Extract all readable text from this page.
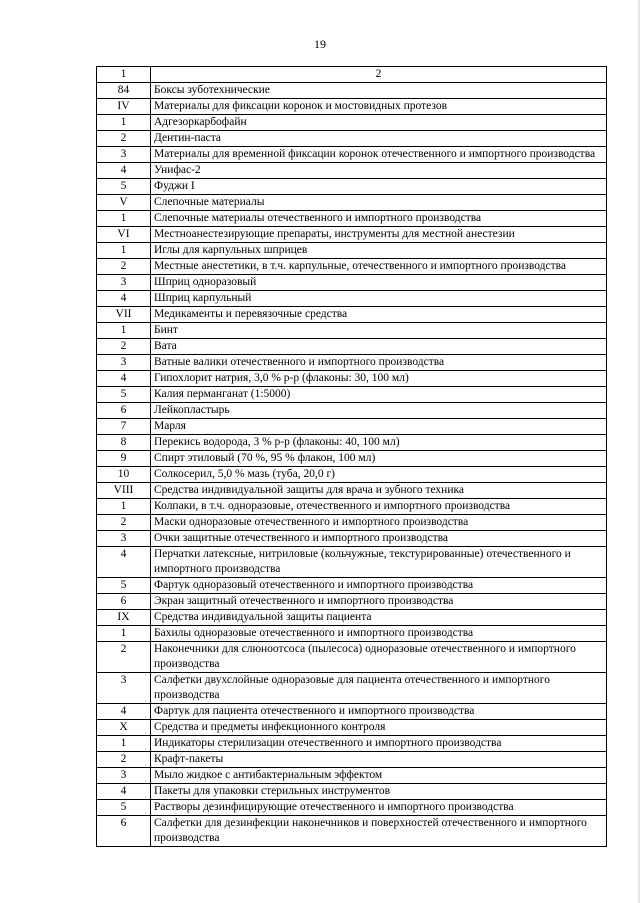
19
1	2
84	Боксы зуботехнические
IV	Материалы для фиксации коронок и мостовидных протезов
1	Адгезоркарбофайн
2	Дентин-паста
3	Материалы для временной фиксации коронок отечественного и импортного производства
4	Унифас-2
5	Фуджи I
V	Слепочные материалы
1	Слепочные материалы отечественного и импортного производства
VI	Местноанестезирующие препараты, инструменты для местной анестезии
1	Иглы для карпульных шприцев
2	Местные анестетики, в т.ч. карпульные, отечественного и импортного производства
3	Шприц одноразовый
4	Шприц карпульный
VII	Медикаменты и перевязочные средства
1	Бинт
2	Вата
3	Ватные валики отечественного и импортного производства
4	Гипохлорит натрия, 3,0 % р-р (флаконы: 30, 100 мл)
5	Калия перманганат (1:5000)
6	Лейкопластырь
7	Марля
8	Перекись водорода, 3 % р-р (флаконы: 40, 100 мл)
9	Спирт этиловый (70 %, 95 % флакон, 100 мл)
10	Солкосерил, 5,0 % мазь (туба, 20,0 г)
VIII	Средства индивидуальной защиты для врача и зубного техника
1	Колпаки, в т.ч. одноразовые, отечественного и импортного производства
2	Маски одноразовые отечественного и импортного производства
3	Очки защитные отечественного и импортного производства
4	Перчатки латексные, нитриловые (кольчужные, текстурированные) отечественного и импортного производства
5	Фартук одноразовый отечественного и импортного производства
6	Экран защитный отечественного и импортного производства
IX	Средства индивидуальной защиты пациента
1	Бахилы одноразовые отечественного и импортного производства
2	Наконечники для слюноотсоса (пылесоса) одноразовые отечественного и импортного производства
3	Салфетки двухслойные одноразовые для пациента отечественного и импортного производства
4	Фартук для пациента отечественного и импортного производства
X	Средства и предметы инфекционного контроля
1	Индикаторы стерилизации отечественного и импортного производства
2	Крафт-пакеты
3	Мыло жидкое с антибактериальным эффектом
4	Пакеты для упаковки стерильных инструментов
5	Растворы дезинфицирующие отечественного и импортного производства
6	Салфетки для дезинфекции наконечников и поверхностей отечественного и импортного производства
